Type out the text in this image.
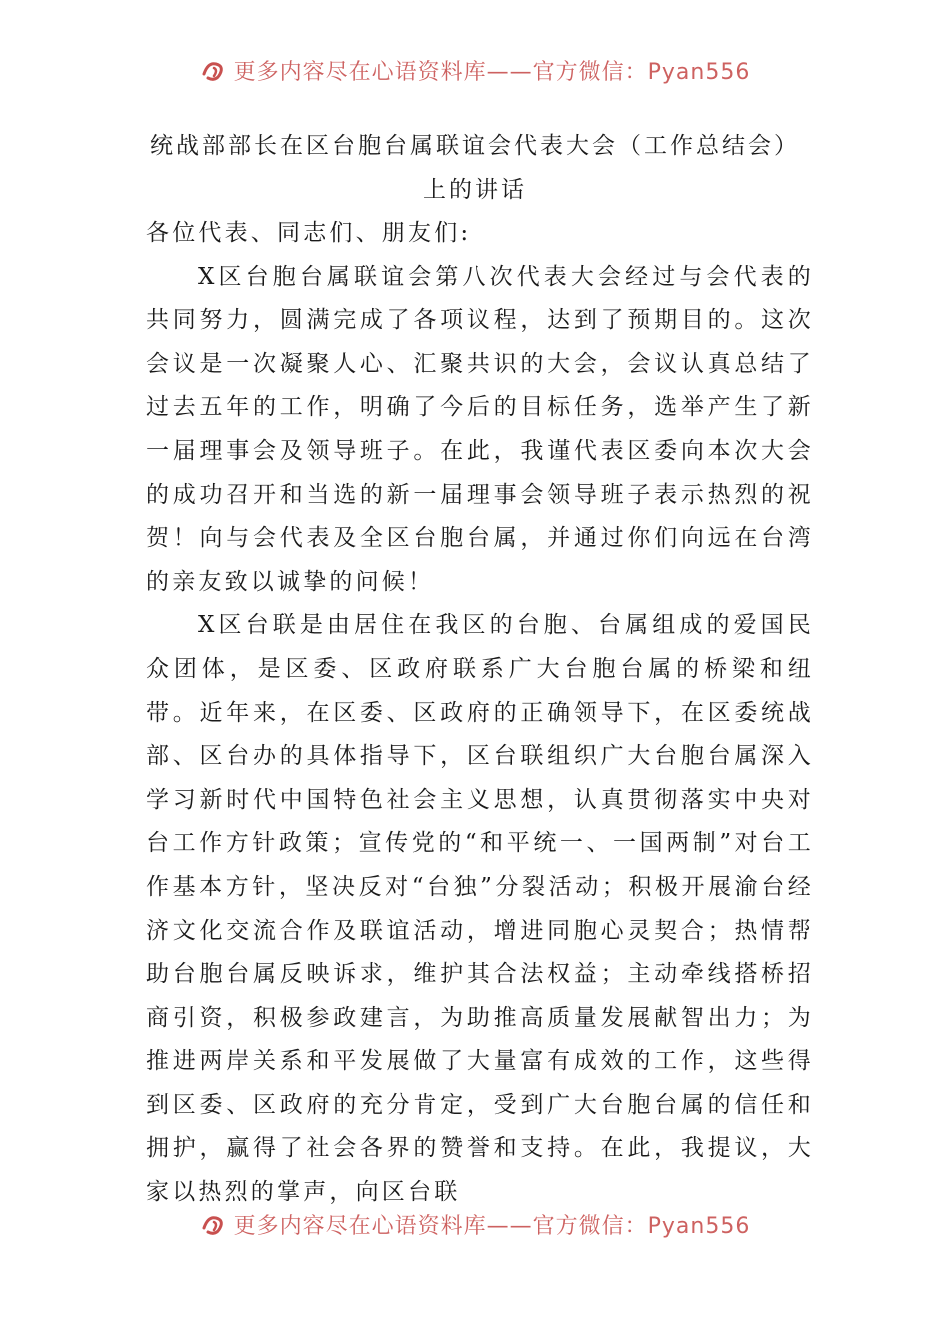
更多内容尽在心语资料库——官方微信：Pyan556
统战部部长在区台胞台属联谊会代表大会（工作总结会）
上的讲话

各位代表、同志们、朋友们:

X区台胞台属联谊会第八次代表大会经过与会代表的共同努力，圆满完成了各项议程，达到了预期目的。这次会议是一次凝聚人心、汇聚共识的大会，会议认真总结了过去五年的工作，明确了今后的目标任务，选举产生了新一届理事会及领导班子。在此，我谨代表区委向本次大会的成功召开和当选的新一届理事会领导班子表示热烈的祝贺！向与会代表及全区台胞台属，并通过你们向远在台湾的亲友致以诚挚的问候！

X区台联是由居住在我区的台胞、台属组成的爱国民众团体，是区委、区政府联系广大台胞台属的桥梁和纽带。近年来，在区委、区政府的正确领导下，在区委统战部、区台办的具体指导下，区台联组织广大台胞台属深入学习新时代中国特色社会主义思想，认真贯彻落实中央对台工作方针政策；宣传党的“和平统一、一国两制”对台工作基本方针，坚决反对“台独”分裂活动；积极开展渝台经济文化交流合作及联谊活动，增进同胞心灵契合；热情帮助台胞台属反映诉求，维护其合法权益；主动牵线搭桥招商引资，积极参政建言，为助推高质量发展献智出力；为推进两岸关系和平发展做了大量富有成效的工作，这些得到区委、区政府的充分肯定，受到广大台胞台属的信任和拥护，赢得了社会各界的赞誉和支持。在此，我提议，大家以热烈的掌声，向区台联

更多内容尽在心语资料库——官方微信：Pyan556
